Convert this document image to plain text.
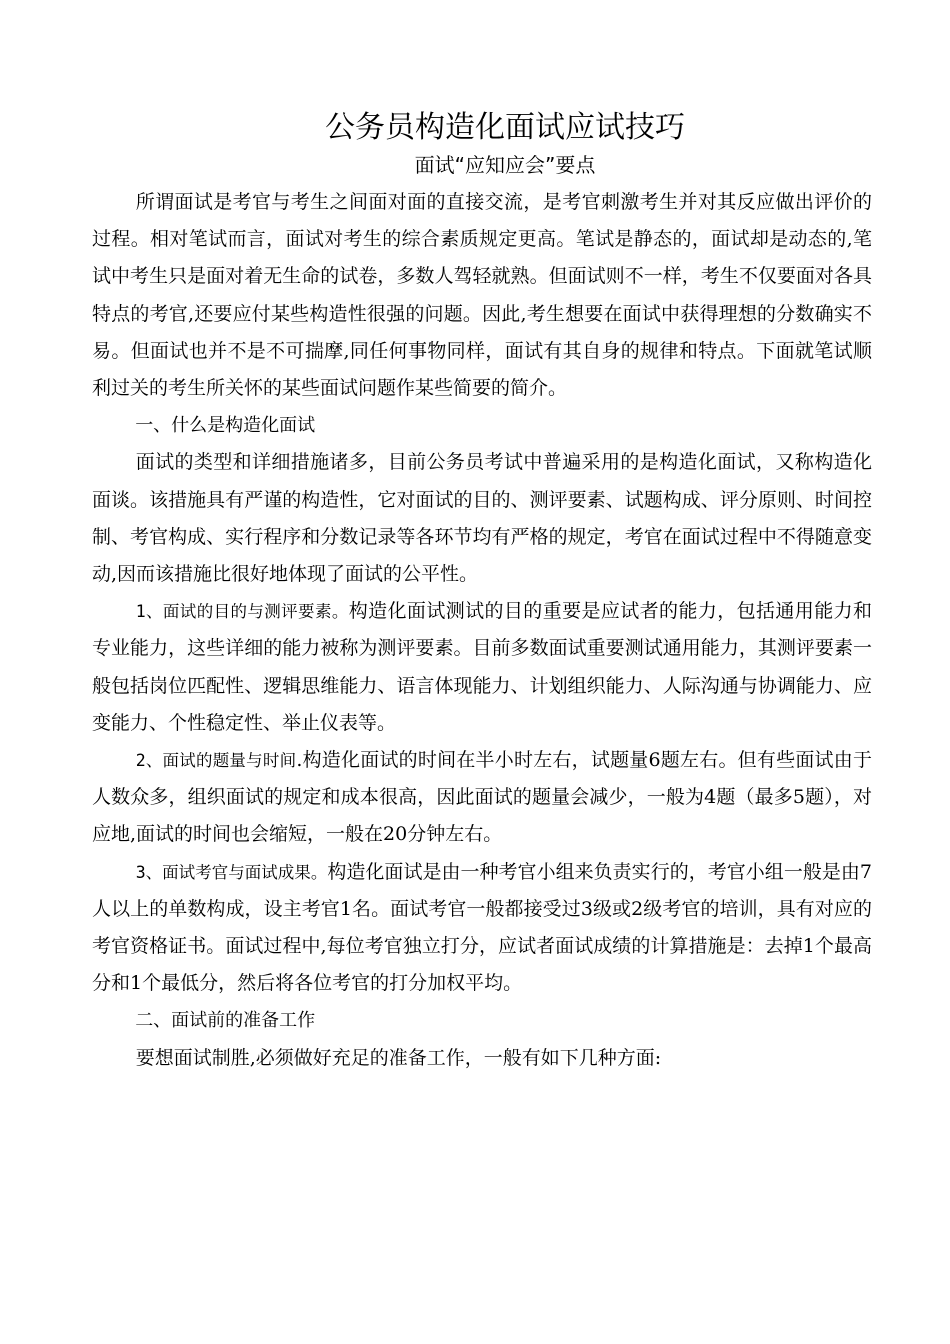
公务员构造化面试应试技巧
面试“应知应会”要点

所谓面试是考官与考生之间面对面的直接交流，是考官刺激考生并对其反应做出评价的过程。相对笔试而言，面试对考生的综合素质规定更高。笔试是静态的，面试却是动态的,笔试中考生只是面对着无生命的试卷，多数人驾轻就熟。但面试则不一样，考生不仅要面对各具特点的考官,还要应付某些构造性很强的问题。因此,考生想要在面试中获得理想的分数确实不易。但面试也并不是不可揣摩,同任何事物同样，面试有其自身的规律和特点。下面就笔试顺利过关的考生所关怀的某些面试问题作某些简要的简介。

一、什么是构造化面试

面试的类型和详细措施诸多，目前公务员考试中普遍采用的是构造化面试，又称构造化面谈。该措施具有严谨的构造性，它对面试的目的、测评要素、试题构成、评分原则、时间控制、考官构成、实行程序和分数记录等各环节均有严格的规定，考官在面试过程中不得随意变动,因而该措施比很好地体现了面试的公平性。

1、面试的目的与测评要素。构造化面试测试的目的重要是应试者的能力，包括通用能力和专业能力，这些详细的能力被称为测评要素。目前多数面试重要测试通用能力，其测评要素一般包括岗位匹配性、逻辑思维能力、语言体现能力、计划组织能力、人际沟通与协调能力、应变能力、个性稳定性、举止仪表等。

2、面试的题量与时间.构造化面试的时间在半小时左右，试题量6题左右。但有些面试由于人数众多，组织面试的规定和成本很高，因此面试的题量会减少，一般为4题（最多5题），对应地,面试的时间也会缩短，一般在20分钟左右。

3、面试考官与面试成果。构造化面试是由一种考官小组来负责实行的，考官小组一般是由7人以上的单数构成，设主考官1名。面试考官一般都接受过3级或2级考官的培训，具有对应的考官资格证书。面试过程中,每位考官独立打分，应试者面试成绩的计算措施是：去掉1个最高分和1个最低分，然后将各位考官的打分加权平均。

二、面试前的准备工作

要想面试制胜,必须做好充足的准备工作，一般有如下几种方面:
